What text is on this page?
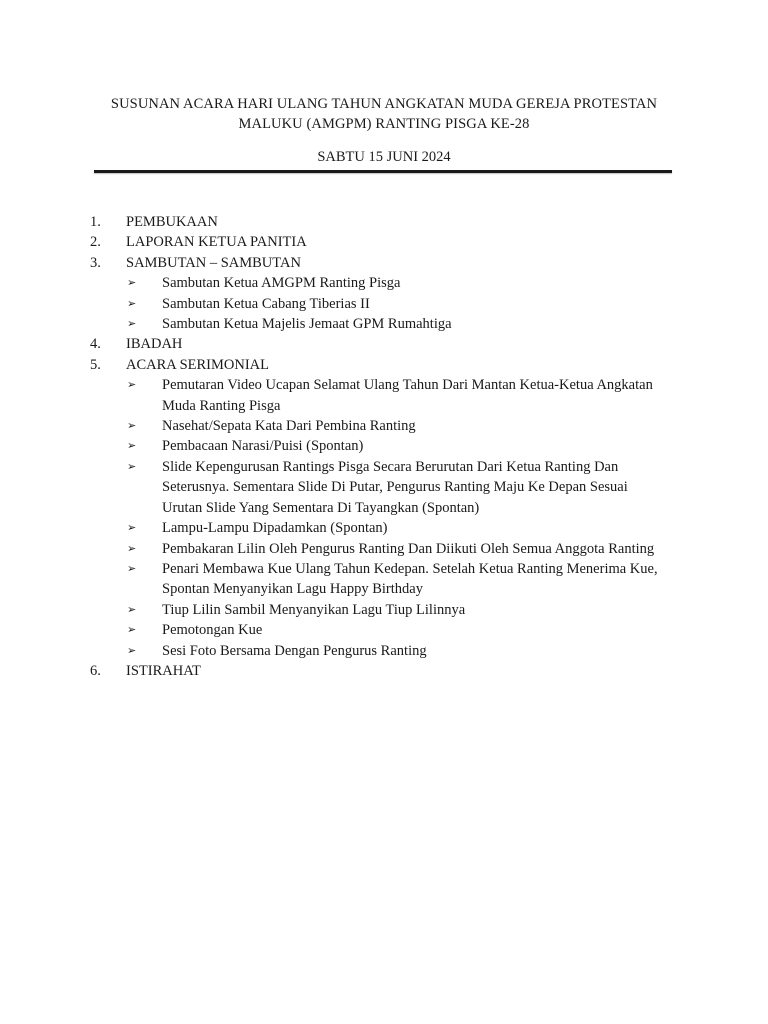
SUSUNAN ACARA HARI ULANG TAHUN ANGKATAN MUDA GEREJA PROTESTAN
MALUKU (AMGPM) RANTING PISGA KE-28
SABTU 15 JUNI 2024
1.	PEMBUKAAN
2.	LAPORAN KETUA PANITIA
3.	SAMBUTAN – SAMBUTAN
➢	Sambutan Ketua AMGPM Ranting Pisga
➢	Sambutan Ketua Cabang Tiberias II
➢	Sambutan Ketua Majelis Jemaat GPM Rumahtiga
4.	IBADAH
5.	ACARA SERIMONIAL
➢	Pemutaran Video Ucapan Selamat Ulang Tahun Dari Mantan Ketua-Ketua Angkatan
Muda Ranting Pisga
➢	Nasehat/Sepata Kata Dari Pembina Ranting
➢	Pembacaan Narasi/Puisi (Spontan)
➢	Slide Kepengurusan Rantings Pisga Secara Berurutan Dari Ketua Ranting Dan
Seterusnya. Sementara Slide Di Putar, Pengurus Ranting Maju Ke Depan Sesuai
Urutan Slide Yang Sementara Di Tayangkan (Spontan)
➢	Lampu-Lampu Dipadamkan (Spontan)
➢	Pembakaran Lilin Oleh Pengurus Ranting Dan Diikuti Oleh Semua Anggota Ranting
➢	Penari Membawa Kue Ulang Tahun Kedepan. Setelah Ketua Ranting Menerima Kue,
Spontan Menyanyikan Lagu Happy Birthday
➢	Tiup Lilin Sambil Menyanyikan Lagu Tiup Lilinnya
➢	Pemotongan Kue
➢	Sesi Foto Bersama Dengan Pengurus Ranting
6.	ISTIRAHAT
